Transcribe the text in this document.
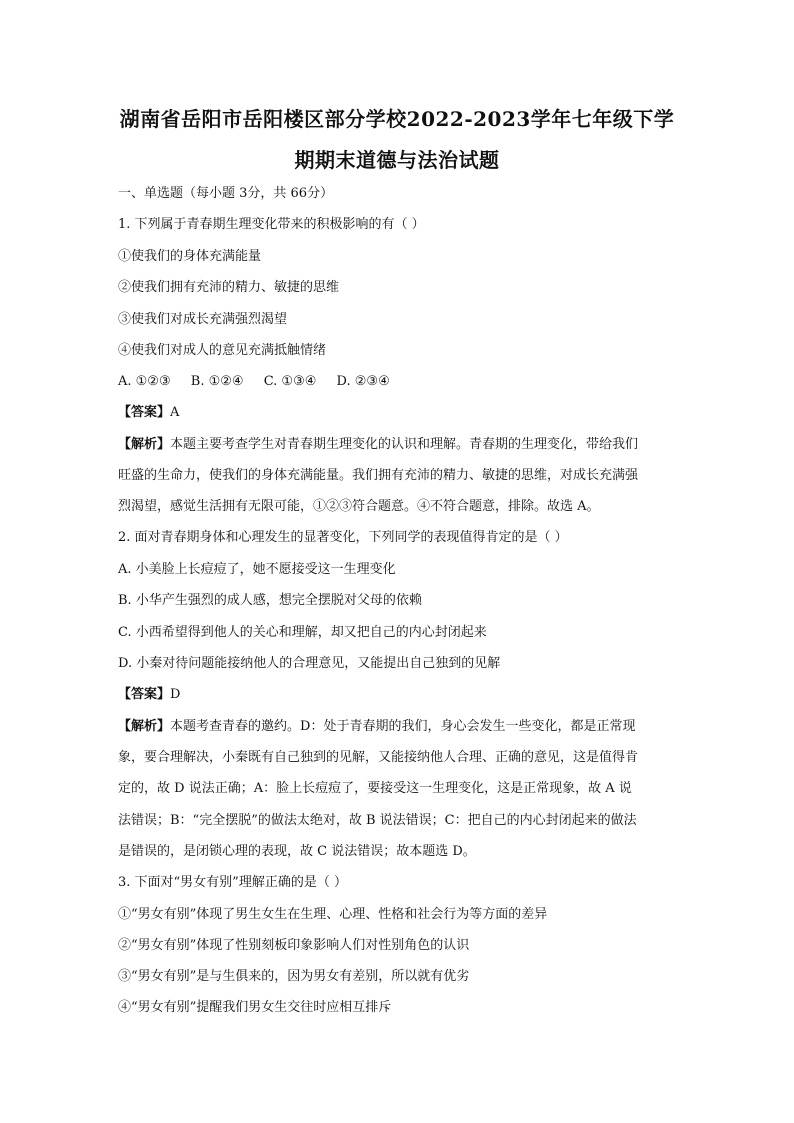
湖南省岳阳市岳阳楼区部分学校2022-2023学年七年级下学
期期末道德与法治试题
一、单选题（每小题 3分，共 66分）
1. 下列属于青春期生理变化带来的积极影响的有（ ）
①使我们的身体充满能量
②使我们拥有充沛的精力、敏捷的思维
③使我们对成长充满强烈渴望
④使我们对成人的意见充满抵触情绪
A. ①②③ B. ①②④ C. ①③④ D. ②③④
【答案】A
【解析】本题主要考查学生对青春期生理变化的认识和理解。青春期的生理变化，带给我们
旺盛的生命力，使我们的身体充满能量。我们拥有充沛的精力、敏捷的思维，对成长充满强
烈渴望，感觉生活拥有无限可能，①②③符合题意。④不符合题意，排除。故选 A。
2. 面对青春期身体和心理发生的显著变化，下列同学的表现值得肯定的是（ ）
A. 小美脸上长痘痘了，她不愿接受这一生理变化
B. 小华产生强烈的成人感，想完全摆脱对父母的依赖
C. 小西希望得到他人的关心和理解，却又把自己的内心封闭起来
D. 小秦对待问题能接纳他人的合理意见，又能提出自己独到的见解
【答案】D
【解析】本题考查青春的邀约。D：处于青春期的我们，身心会发生一些变化，都是正常现
象，要合理解决，小秦既有自己独到的见解，又能接纳他人合理、正确的意见，这是值得肯
定的，故 D 说法正确；A：脸上长痘痘了，要接受这一生理变化，这是正常现象，故 A 说
法错误；B：“完全摆脱”的做法太绝对，故 B 说法错误；C：把自己的内心封闭起来的做法
是错误的，是闭锁心理的表现，故 C 说法错误；故本题选 D。
3. 下面对“男女有别”理解正确的是（ ）
①“男女有别”体现了男生女生在生理、心理、性格和社会行为等方面的差异
②“男女有别”体现了性别刻板印象影响人们对性别角色的认识
③“男女有别”是与生俱来的，因为男女有差别，所以就有优劣
④“男女有别”提醒我们男女生交往时应相互排斥
